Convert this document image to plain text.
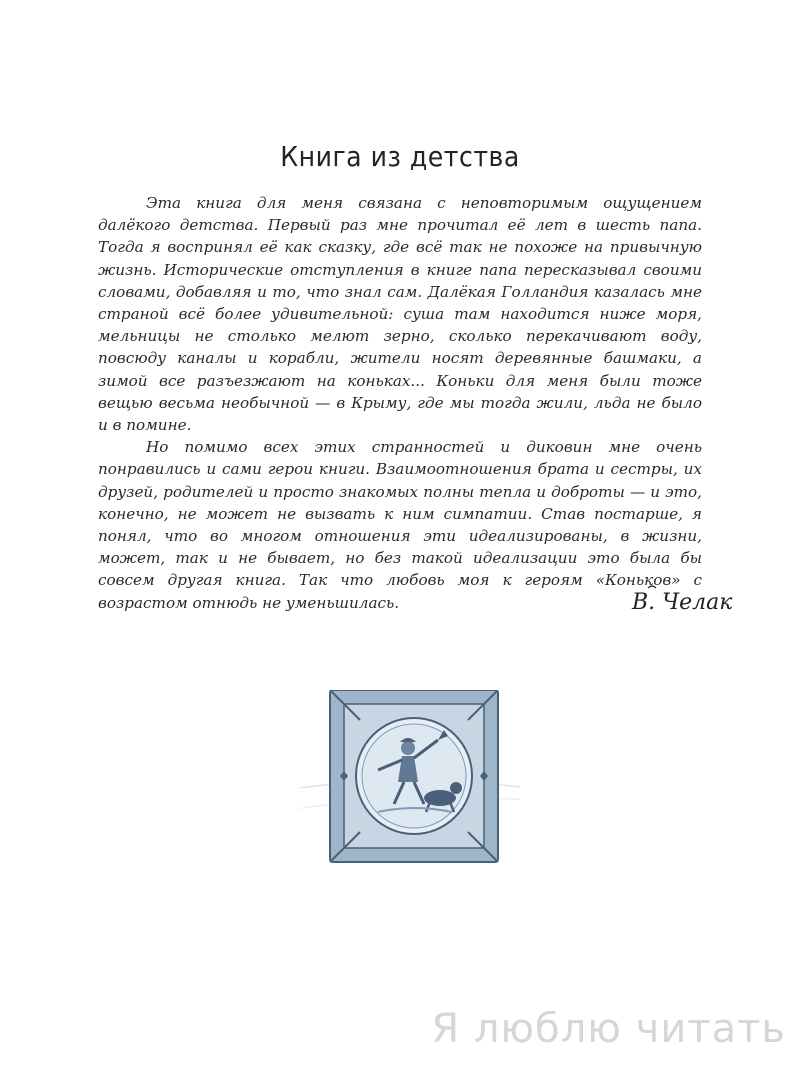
Книга из детства

Эта книга для меня связана с неповторимым ощущением далёкого детства. Первый раз мне прочитал её лет в шесть папа. Тогда я воспринял её как сказку, где всё так не похоже на привычную жизнь. Исторические отступления в книге папа пересказывал своими словами, добавляя и то, что знал сам. Далёкая Голландия казалась мне страной всё более удивительной: суша там находится ниже моря, мельницы не столько мелют зерно, сколько перекачивают воду, повсюду каналы и корабли, жители носят деревянные башмаки, а зимой все разъезжают на коньках... Коньки для меня были тоже вещью весьма необычной — в Крыму, где мы тогда жили, льда не было и в помине.

Но помимо всех этих странностей и диковин мне очень понравились и сами герои книги. Взаимоотношения брата и сестры, их друзей, родителей и просто знакомых полны тепла и доброты — и это, конечно, не может не вызвать к ним симпатии. Став постарше, я понял, что во многом отношения эти идеализированы, в жизни, может, так и не бывает, но без такой идеализации это была бы совсем другая книга. Так что любовь моя к героям «Коньков» с возрастом отнюдь не уменьшилась.	В. Челак
Я люблю читать
